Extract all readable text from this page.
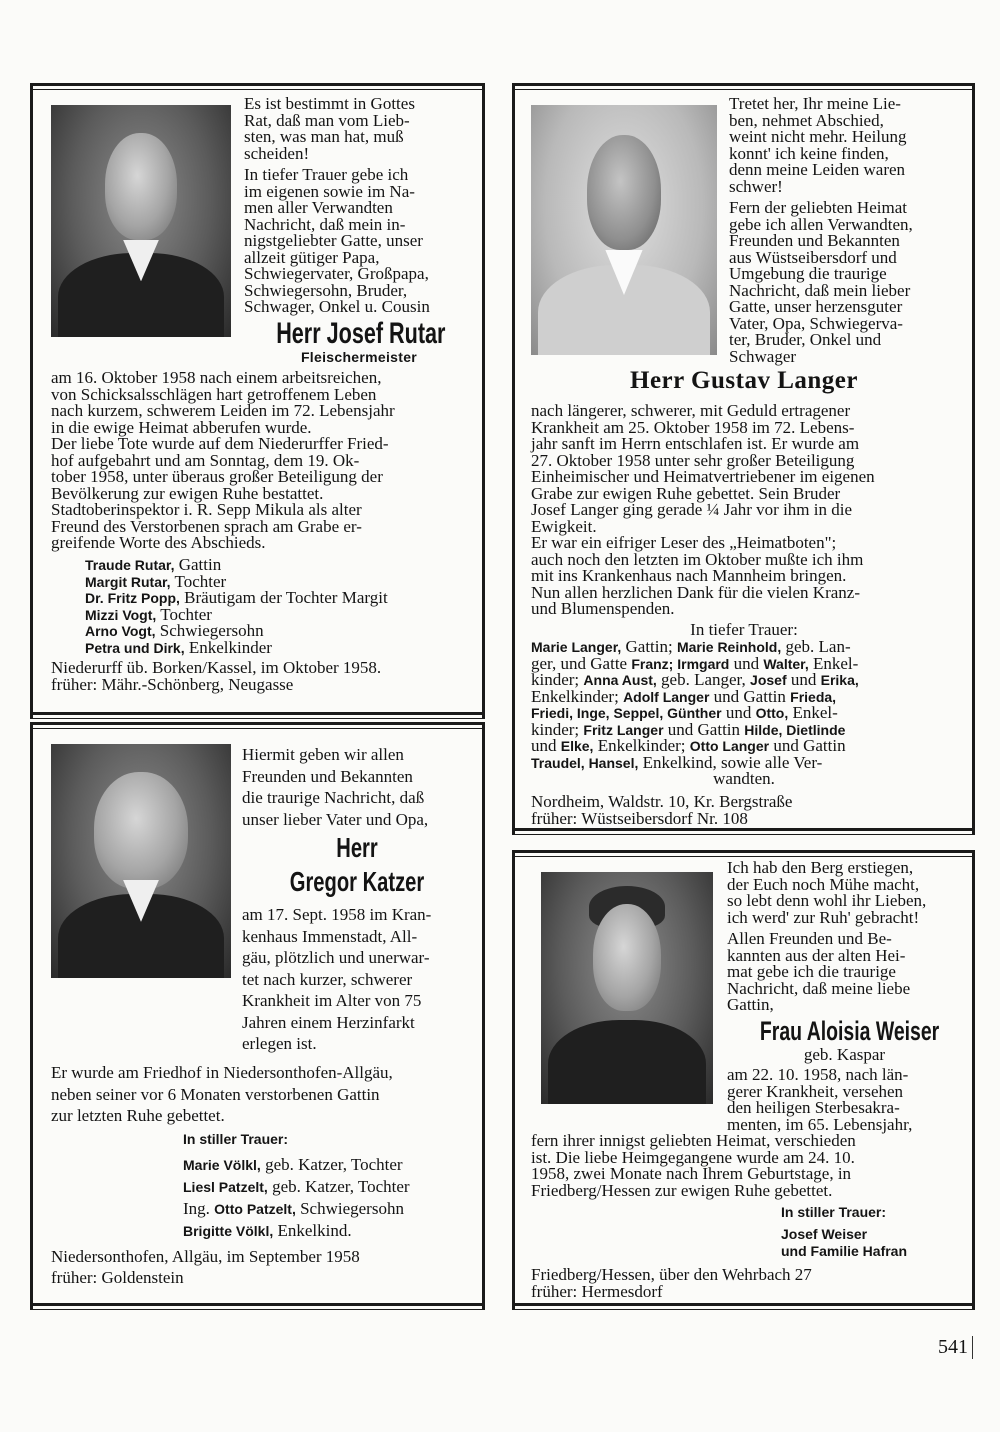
Es ist bestimmt in Gottes
Rat, daß man vom Lieb-
sten, was man hat, muß
scheiden!
In tiefer Trauer gebe ich
im eigenen sowie im Na-
men aller Verwandten
Nachricht, daß mein in-
nigstgeliebter Gatte, unser
allzeit gütiger Papa,
Schwiegervater, Großpapa,
Schwiegersohn, Bruder,
Schwager, Onkel u. Cousin
Herr Josef Rutar
Fleischermeister
am 16. Oktober 1958 nach einem arbeitsreichen,
von Schicksalsschlägen hart getroffenem Leben
nach kurzem, schwerem Leiden im 72. Lebensjahr
in die ewige Heimat abberufen wurde.
Der liebe Tote wurde auf dem Niederurffer Fried-
hof aufgebahrt und am Sonntag, dem 19. Ok-
tober 1958, unter überaus großer Beteiligung der
Bevölkerung zur ewigen Ruhe bestattet.
Stadtoberinspektor i. R. Sepp Mikula als alter
Freund des Verstorbenen sprach am Grabe er-
greifende Worte des Abschieds.
Traude Rutar, Gattin
Margit Rutar, Tochter
Dr. Fritz Popp, Bräutigam der Tochter Margit
Mizzi Vogt, Tochter
Arno Vogt, Schwiegersohn
Petra und Dirk, Enkelkinder
Niederurff üb. Borken/Kassel, im Oktober 1958.
früher: Mähr.-Schönberg, Neugasse
Tretet her, Ihr meine Lie-
ben, nehmet Abschied,
weint nicht mehr. Heilung
konnt' ich keine finden,
denn meine Leiden waren
schwer!
Fern der geliebten Heimat
gebe ich allen Verwandten,
Freunden und Bekannten
aus Wüstseibersdorf und
Umgebung die traurige
Nachricht, daß mein lieber
Gatte, unser herzensguter
Vater, Opa, Schwiegerva-
ter, Bruder, Onkel und
Schwager
Herr Gustav Langer
nach längerer, schwerer, mit Geduld ertragener
Krankheit am 25. Oktober 1958 im 72. Lebens-
jahr sanft im Herrn entschlafen ist. Er wurde am
27. Oktober 1958 unter sehr großer Beteiligung
Einheimischer und Heimatvertriebener im eigenen
Grabe zur ewigen Ruhe gebettet. Sein Bruder
Josef Langer ging gerade ¼ Jahr vor ihm in die
Ewigkeit.
Er war ein eifriger Leser des „Heimatboten";
auch noch den letzten im Oktober mußte ich ihm
mit ins Krankenhaus nach Mannheim bringen.
Nun allen herzlichen Dank für die vielen Kranz-
und Blumenspenden.
In tiefer Trauer:
Marie Langer, Gattin; Marie Reinhold, geb. Lan-
ger, und Gatte Franz; Irmgard und Walter, Enkel-
kinder; Anna Aust, geb. Langer, Josef und Erika,
Enkelkinder; Adolf Langer und Gattin Frieda,
Friedi, Inge, Seppel, Günther und Otto, Enkel-
kinder; Fritz Langer und Gattin Hilde, Dietlinde
und Elke, Enkelkinder; Otto Langer und Gattin
Traudel, Hansel, Enkelkind, sowie alle Ver-
wandten.
Nordheim, Waldstr. 10, Kr. Bergstraße
früher: Wüstseibersdorf Nr. 108
Hiermit geben wir allen
Freunden und Bekannten
die traurige Nachricht, daß
unser lieber Vater und Opa,
Herr
Gregor Katzer
am 17. Sept. 1958 im Kran-
kenhaus Immenstadt, All-
gäu, plötzlich und unerwar-
tet nach kurzer, schwerer
Krankheit im Alter von 75
Jahren einem Herzinfarkt
erlegen ist.
Er wurde am Friedhof in Niedersonthofen-Allgäu,
neben seiner vor 6 Monaten verstorbenen Gattin
zur letzten Ruhe gebettet.
In stiller Trauer:
Marie Völkl, geb. Katzer, Tochter
Liesl Patzelt, geb. Katzer, Tochter
Ing. Otto Patzelt, Schwiegersohn
Brigitte Völkl, Enkelkind.
Niedersonthofen, Allgäu, im September 1958
früher: Goldenstein
Ich hab den Berg erstiegen,
der Euch noch Mühe macht,
so lebt denn wohl ihr Lieben,
ich werd' zur Ruh' gebracht!
Allen Freunden und Be-
kannten aus der alten Hei-
mat gebe ich die traurige
Nachricht, daß meine liebe
Gattin,
Frau Aloisia Weiser
geb. Kaspar
am 22. 10. 1958, nach län-
gerer Krankheit, versehen
den heiligen Sterbesakra-
menten, im 65. Lebensjahr,
fern ihrer innigst geliebten Heimat, verschieden
ist. Die liebe Heimgegangene wurde am 24. 10.
1958, zwei Monate nach Ihrem Geburtstage, in
Friedberg/Hessen zur ewigen Ruhe gebettet.
In stiller Trauer:
Josef Weiser
und Familie Hafran
Friedberg/Hessen, über den Wehrbach 27
früher: Hermesdorf
541
